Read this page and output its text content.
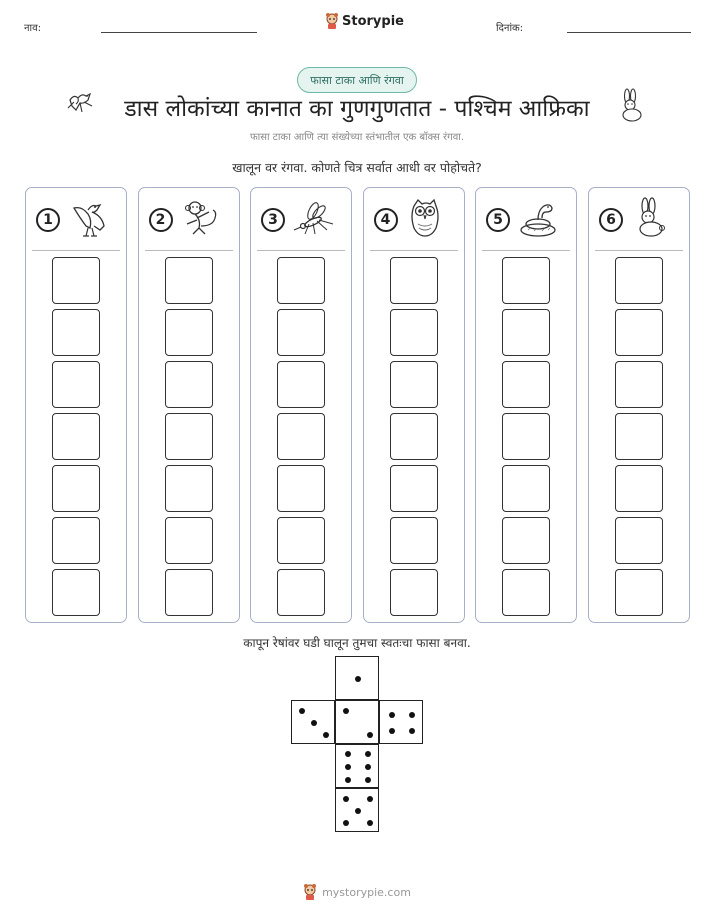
नाव:	Storypie	दिनांक:
फासा टाका आणि रंगवा
डास लोकांच्या कानात का गुणगुणतात - पश्चिम आफ्रिका
फासा टाका आणि त्या संख्येच्या स्तंभातील एक बॉक्स रंगवा.
खालून वर रंगवा. कोणते चित्र सर्वात आधी वर पोहोचते?
1	2	3	4	5	6
कापून रेषांवर घडी घालून तुमचा स्वतःचा फासा बनवा.
mystorypie.com
